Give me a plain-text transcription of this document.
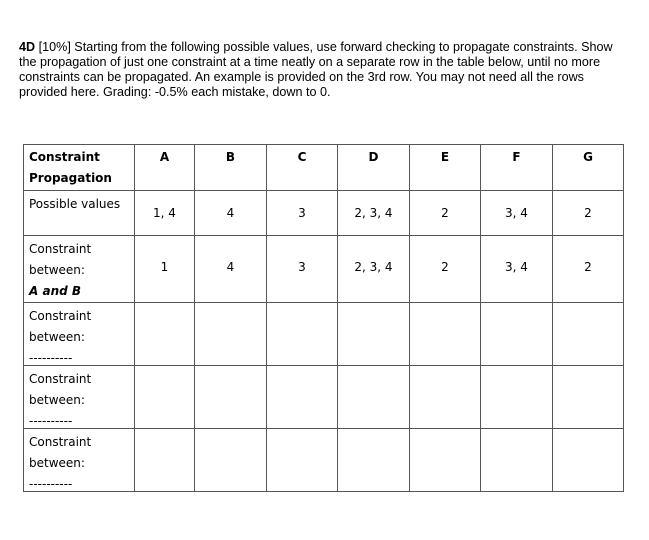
4D [10%] Starting from the following possible values, use forward checking to propagate constraints. Show the propagation of just one constraint at a time neatly on a separate row in the table below, until no more constraints can be propagated. An example is provided on the 3rd row. You may not need all the rows provided here. Grading: -0.5% each mistake, down to 0.
Constraint
Propagation	A	B	C	D	E	F	G
Possible values	1, 4	4	3	2, 3, 4	2	3, 4	2
Constraint
between:
A and B	1	4	3	2, 3, 4	2	3, 4	2
Constraint
between:
----------							

Constraint
between:
----------							

Constraint
between:
----------							
